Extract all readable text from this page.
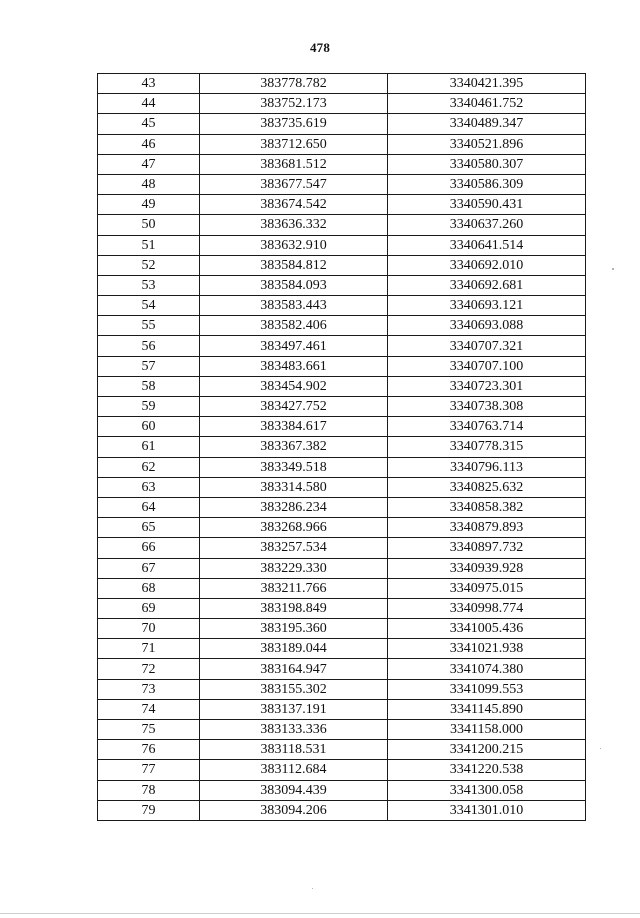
478
43	383778.782	3340421.395
44	383752.173	3340461.752
45	383735.619	3340489.347
46	383712.650	3340521.896
47	383681.512	3340580.307
48	383677.547	3340586.309
49	383674.542	3340590.431
50	383636.332	3340637.260
51	383632.910	3340641.514
52	383584.812	3340692.010
53	383584.093	3340692.681
54	383583.443	3340693.121
55	383582.406	3340693.088
56	383497.461	3340707.321
57	383483.661	3340707.100
58	383454.902	3340723.301
59	383427.752	3340738.308
60	383384.617	3340763.714
61	383367.382	3340778.315
62	383349.518	3340796.113
63	383314.580	3340825.632
64	383286.234	3340858.382
65	383268.966	3340879.893
66	383257.534	3340897.732
67	383229.330	3340939.928
68	383211.766	3340975.015
69	383198.849	3340998.774
70	383195.360	3341005.436
71	383189.044	3341021.938
72	383164.947	3341074.380
73	383155.302	3341099.553
74	383137.191	3341145.890
75	383133.336	3341158.000
76	383118.531	3341200.215
77	383112.684	3341220.538
78	383094.439	3341300.058
79	383094.206	3341301.010
